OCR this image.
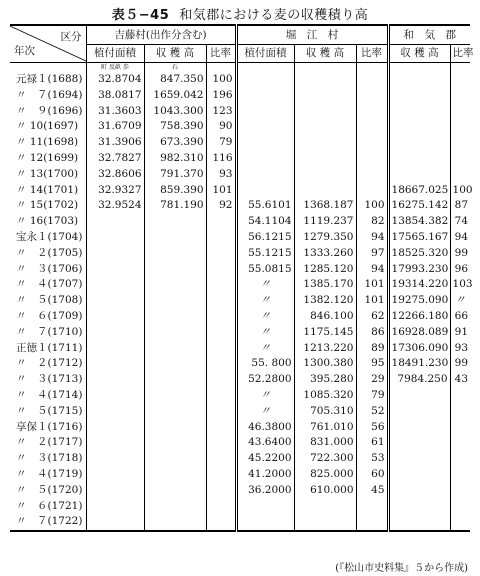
表５−45 和気郡における麦の収穫積り高
区分
年次	吉藤村(出作分含む)			堀　江　村			和　気　郡	
	植付面積	収 穫 高	比率	植付面積	収 穫 高	比率	収 穫 高	比率
	町 反畝 歩	石						
元禄１(1688)	32.8704	847.350	100					
〃　７(1694)	38.0817	1659.042	196					
〃　９(1696)	31.3603	1043.300	123					
〃 10(1697)	31.6709	758.390	90					
〃 11(1698)	31.3906	673.390	79					
〃 12(1699)	32.7827	982.310	116					
〃 13(1700)	32.8606	791.370	93					
〃 14(1701)	32.9327	859.390	101				18667.025	100
〃 15(1702)	32.9524	781.190	92	55.6101	1368.187	100	16275.142	87
〃 16(1703)				54.1104	1119.237	82	13854.382	74
宝永１(1704)				56.1215	1279.350	94	17565.167	94
〃　２(1705)				55.1215	1333.260	97	18525.320	99
〃　３(1706)				55.0815	1285.120	94	17993.230	96
〃　４(1707)				〃	1385.170	101	19314.220	103
〃　５(1708)				〃	1382.120	101	19275.090	〃
〃　６(1709)				〃	846.100	62	12266.180	66
〃　７(1710)				〃	1175.145	86	16928.089	91
正徳１(1711)				〃	1213.220	89	17306.090	93
〃　２(1712)				55. 800	1300.380	95	18491.230	99
〃　３(1713)				52.2800	395.280	29	7984.250	43
〃　４(1714)				〃	1085.320	79		
〃　５(1715)				〃	705.310	52		
享保１(1716)				46.3800	761.010	56		
〃　２(1717)				43.6400	831.000	61		
〃　３(1718)				45.2200	722.300	53		
〃　４(1719)				41.2000	825.000	60		
〃　５(1720)				36.2000	610.000	45		
〃　６(1721)								
〃　７(1722)								
(『松山市史料集』５から作成)
